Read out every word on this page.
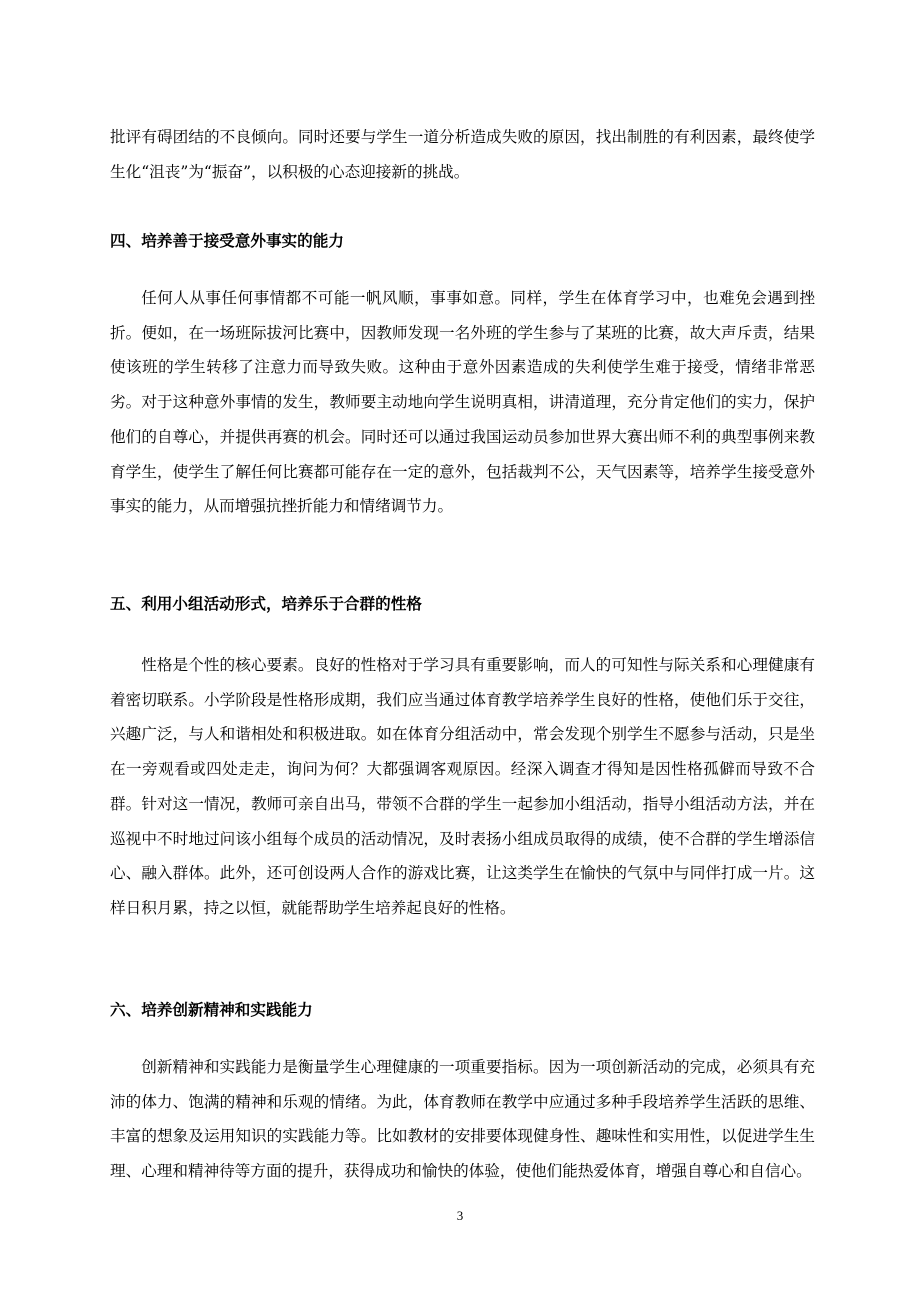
批评有碍团结的不良倾向。同时还要与学生一道分析造成失败的原因，找出制胜的有利因素，最终使学生化“沮丧”为“振奋”，以积极的心态迎接新的挑战。

四、培养善于接受意外事实的能力

任何人从事任何事情都不可能一帆风顺，事事如意。同样，学生在体育学习中，也难免会遇到挫折。便如，在一场班际拔河比赛中，因教师发现一名外班的学生参与了某班的比赛，故大声斥责，结果使该班的学生转移了注意力而导致失败。这种由于意外因素造成的失利使学生难于接受，情绪非常恶劣。对于这种意外事情的发生，教师要主动地向学生说明真相，讲清道理，充分肯定他们的实力，保护他们的自尊心，并提供再赛的机会。同时还可以通过我国运动员参加世界大赛出师不利的典型事例来教育学生，使学生了解任何比赛都可能存在一定的意外，包括裁判不公，天气因素等，培养学生接受意外事实的能力，从而增强抗挫折能力和情绪调节力。

五、利用小组活动形式，培养乐于合群的性格

性格是个性的核心要素。良好的性格对于学习具有重要影响，而人的可知性与际关系和心理健康有着密切联系。小学阶段是性格形成期，我们应当通过体育教学培养学生良好的性格，使他们乐于交往，兴趣广泛，与人和谐相处和积极进取。如在体育分组活动中，常会发现个别学生不愿参与活动，只是坐在一旁观看或四处走走，询问为何？大都强调客观原因。经深入调查才得知是因性格孤僻而导致不合群。针对这一情况，教师可亲自出马，带领不合群的学生一起参加小组活动，指导小组活动方法，并在巡视中不时地过问该小组每个成员的活动情况，及时表扬小组成员取得的成绩，使不合群的学生增添信心、融入群体。此外，还可创设两人合作的游戏比赛，让这类学生在愉快的气氛中与同伴打成一片。这样日积月累，持之以恒，就能帮助学生培养起良好的性格。

六、培养创新精神和实践能力

创新精神和实践能力是衡量学生心理健康的一项重要指标。因为一项创新活动的完成，必须具有充沛的体力、饱满的精神和乐观的情绪。为此，体育教师在教学中应通过多种手段培养学生活跃的思维、丰富的想象及运用知识的实践能力等。比如教材的安排要体现健身性、趣味性和实用性，以促进学生生理、心理和精神待等方面的提升，获得成功和愉快的体验，使他们能热爱体育，增强自尊心和自信心。

3
